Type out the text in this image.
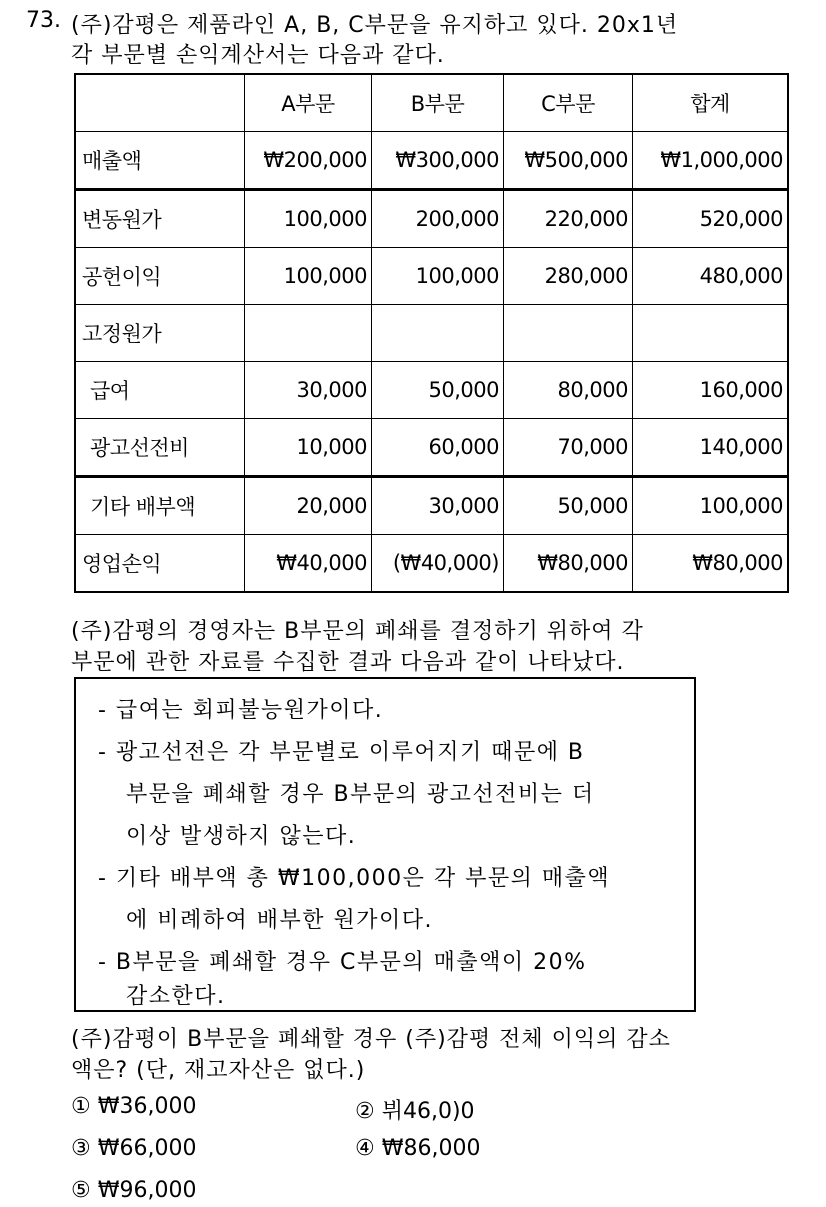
73. (주)감평은 제품라인 A, B, C부문을 유지하고 있다. 20x1년
각 부문별 손익계산서는 다음과 같다.
	A부문	B부문	C부문	합계
매출액	₩200,000	₩300,000	₩500,000	₩1,000,000
변동원가	100,000	200,000	220,000	520,000
공헌이익	100,000	100,000	280,000	480,000
고정원가				
급여	30,000	50,000	80,000	160,000
광고선전비	10,000	60,000	70,000	140,000
기타 배부액	20,000	30,000	50,000	100,000
영업손익	₩40,000	(₩40,000)	₩80,000	₩80,000
(주)감평의 경영자는 B부문의 폐쇄를 결정하기 위하여 각
부문에 관한 자료를 수집한 결과 다음과 같이 나타났다.
- 급여는 회피불능원가이다.
- 광고선전은 각 부문별로 이루어지기 때문에 B
부문을 폐쇄할 경우 B부문의 광고선전비는 더
이상 발생하지 않는다.
- 기타 배부액 총 ₩100,000은 각 부문의 매출액
에 비례하여 배부한 원가이다.
- B부문을 폐쇄할 경우 C부문의 매출액이 20%
감소한다.
(주)감평이 B부문을 폐쇄할 경우 (주)감평 전체 이익의 감소
액은? (단, 재고자산은 없다.)
① ₩36,000	② 뷔46,0)0
③ ₩66,000	④ ₩86,000
⑤ ₩96,000
